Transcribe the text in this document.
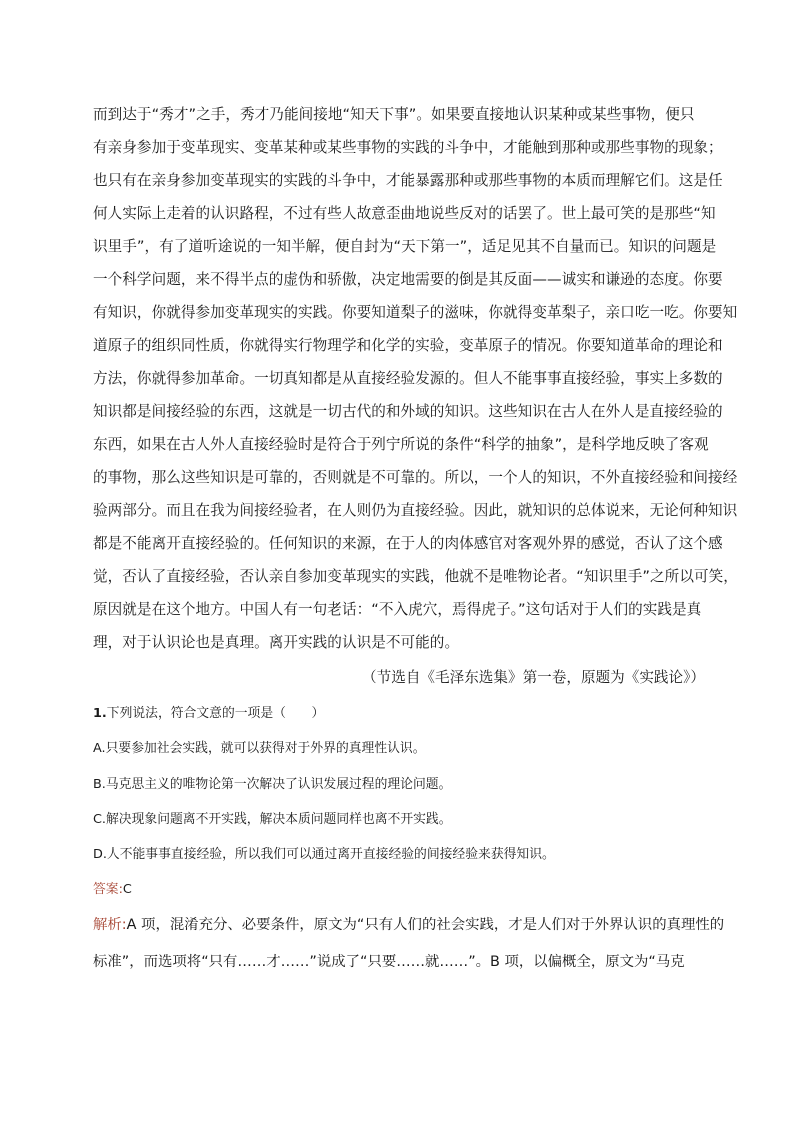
而到达于“秀才”之手，秀才乃能间接地“知天下事”。如果要直接地认识某种或某些事物，便只

有亲身参加于变革现实、变革某种或某些事物的实践的斗争中，才能触到那种或那些事物的现象；

也只有在亲身参加变革现实的实践的斗争中，才能暴露那种或那些事物的本质而理解它们。这是任

何人实际上走着的认识路程，不过有些人故意歪曲地说些反对的话罢了。世上最可笑的是那些“知

识里手”，有了道听途说的一知半解，便自封为“天下第一”，适足见其不自量而已。知识的问题是

一个科学问题，来不得半点的虚伪和骄傲，决定地需要的倒是其反面——诚实和谦逊的态度。你要

有知识，你就得参加变革现实的实践。你要知道梨子的滋味，你就得变革梨子，亲口吃一吃。你要知

道原子的组织同性质，你就得实行物理学和化学的实验，变革原子的情况。你要知道革命的理论和

方法，你就得参加革命。一切真知都是从直接经验发源的。但人不能事事直接经验，事实上多数的

知识都是间接经验的东西，这就是一切古代的和外域的知识。这些知识在古人在外人是直接经验的

东西，如果在古人外人直接经验时是符合于列宁所说的条件“科学的抽象”，是科学地反映了客观

的事物，那么这些知识是可靠的，否则就是不可靠的。所以，一个人的知识，不外直接经验和间接经

验两部分。而且在我为间接经验者，在人则仍为直接经验。因此，就知识的总体说来，无论何种知识

都是不能离开直接经验的。任何知识的来源，在于人的肉体感官对客观外界的感觉，否认了这个感

觉，否认了直接经验，否认亲自参加变革现实的实践，他就不是唯物论者。“知识里手”之所以可笑，

原因就是在这个地方。中国人有一句老话：“不入虎穴，焉得虎子。”这句话对于人们的实践是真

理，对于认识论也是真理。离开实践的认识是不可能的。

（节选自《毛泽东选集》第一卷，原题为《实践论》）

1.下列说法，符合文意的一项是（　　）

A.只要参加社会实践，就可以获得对于外界的真理性认识。

B.马克思主义的唯物论第一次解决了认识发展过程的理论问题。

C.解决现象问题离不开实践，解决本质问题同样也离不开实践。

D.人不能事事直接经验，所以我们可以通过离开直接经验的间接经验来获得知识。

答案:C

解析:A 项，混淆充分、必要条件，原文为“只有人们的社会实践，才是人们对于外界认识的真理性的

标准”，而选项将“只有……才……”说成了“只要……就……”。B 项，以偏概全，原文为“马克
